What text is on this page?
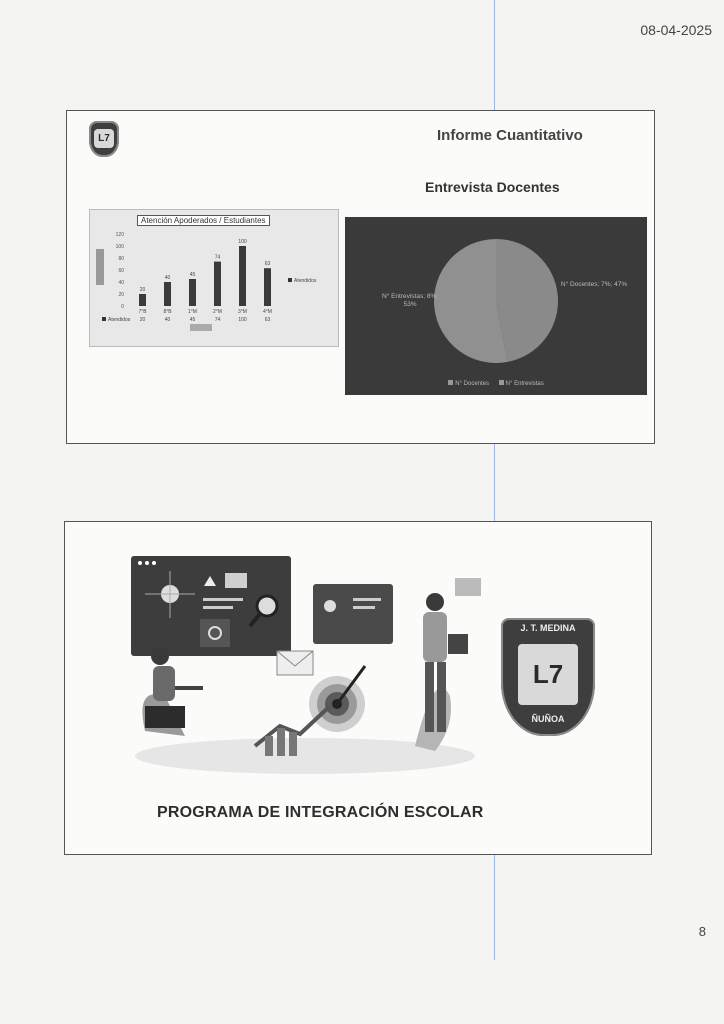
08-04-2025
L7	Informe Cuantitativo
Entrevista Docentes
0
20
40
60
80
100
120
20
7°B
20
40
8°B
40
45
1°M
45
74
2°M
74
100
3°M
100
63
4°M
63
Atendidos
Atendidos
Atención Apoderados / Estudiantes
N° Entrevistas; 8%; 53%
N° Docentes; 7%; 47%
N° Docentes	N° Entrevistas
J. T. MEDINA
L7
ÑUÑOA
PROGRAMA DE INTEGRACIÓN ESCOLAR
8
